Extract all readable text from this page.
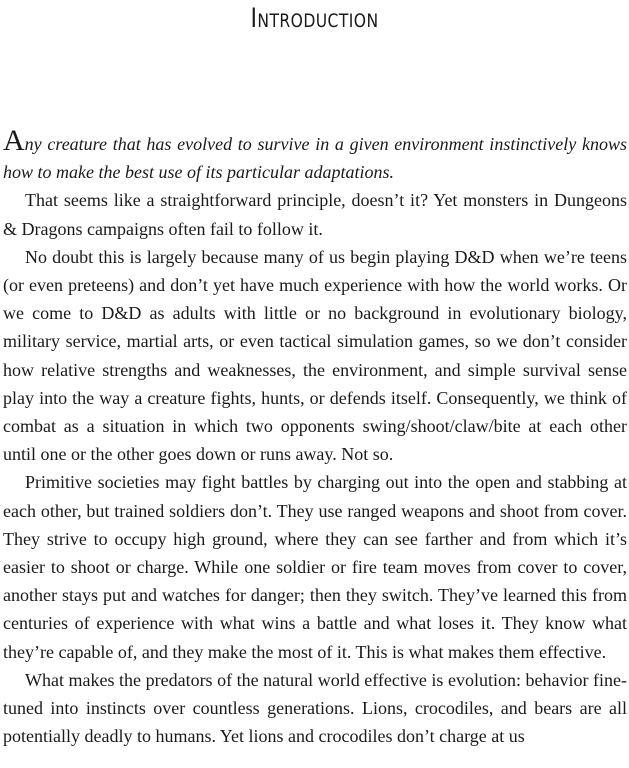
Introduction

Any creature that has evolved to survive in a given environment instinctively knows how to make the best use of its particular adaptations.

That seems like a straightforward principle, doesn’t it? Yet monsters in Dungeons & Dragons campaigns often fail to follow it.

No doubt this is largely because many of us begin playing D&D when we’re teens (or even preteens) and don’t yet have much experience with how the world works. Or we come to D&D as adults with little or no background in evolutionary biology, military service, martial arts, or even tactical simulation games, so we don’t consider how relative strengths and weaknesses, the environment, and simple survival sense play into the way a creature fights, hunts, or defends itself. Consequently, we think of combat as a situation in which two opponents swing/shoot/claw/bite at each other until one or the other goes down or runs away. Not so.

Primitive societies may fight battles by charging out into the open and stabbing at each other, but trained soldiers don’t. They use ranged weapons and shoot from cover. They strive to occupy high ground, where they can see farther and from which it’s easier to shoot or charge. While one soldier or fire team moves from cover to cover, another stays put and watches for danger; then they switch. They’ve learned this from centuries of experience with what wins a battle and what loses it. They know what they’re capable of, and they make the most of it. This is what makes them effective.

What makes the predators of the natural world effective is evolution: behavior fine-tuned into instincts over countless generations. Lions, crocodiles, and bears are all potentially deadly to humans. Yet lions and crocodiles don’t charge at us
